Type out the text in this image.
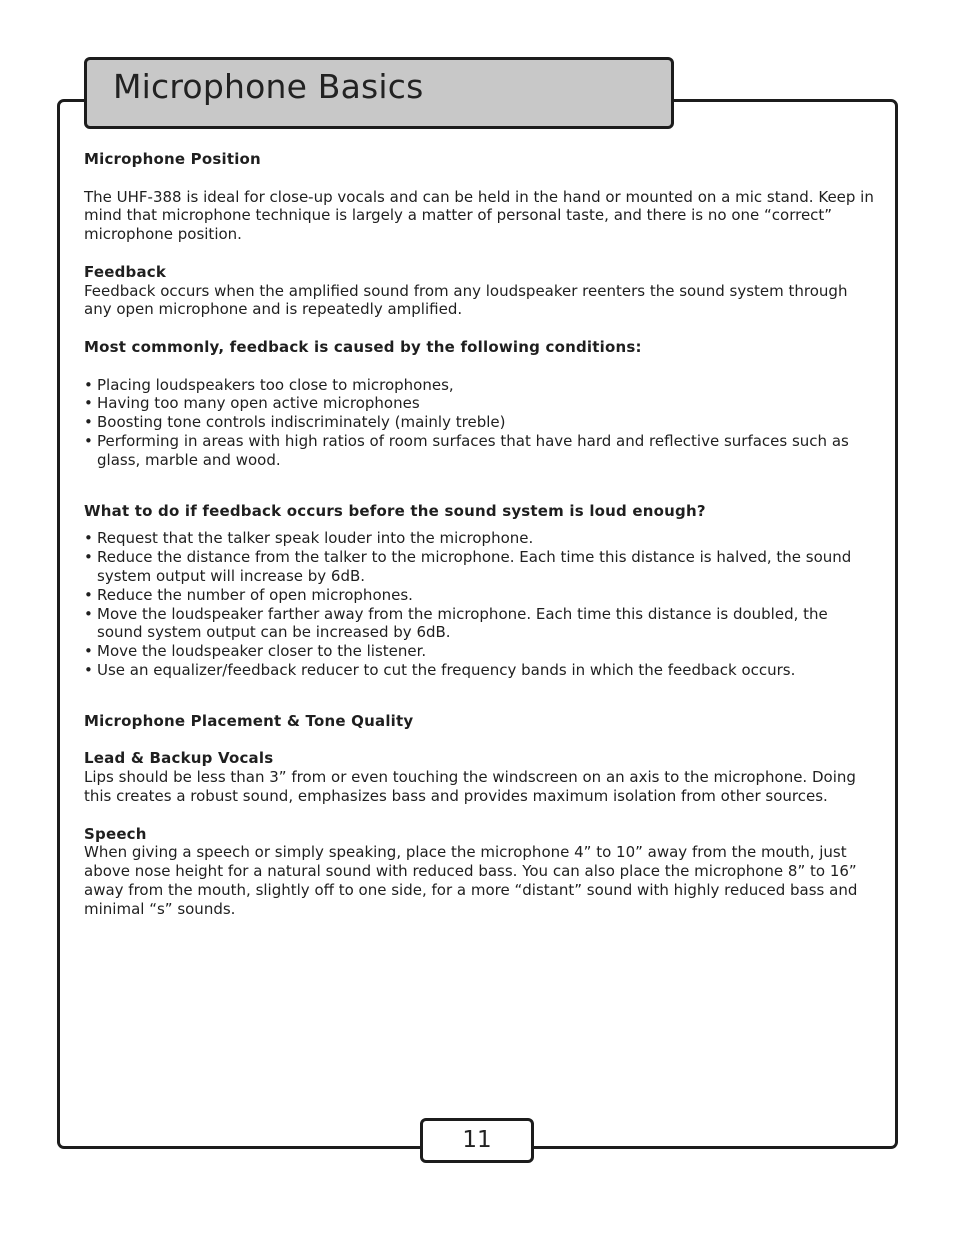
Microphone Basics

Microphone Position

The UHF-388 is ideal for close-up vocals and can be held in the hand or mounted on a mic stand. Keep in mind that microphone technique is largely a matter of personal taste, and there is no one “correct” microphone position.

Feedback

Feedback occurs when the amplified sound from any loudspeaker reenters the sound system through any open microphone and is repeatedly amplified.

Most commonly, feedback is caused by the following conditions:

• Placing loudspeakers too close to microphones,
• Having too many open active microphones
• Boosting tone controls indiscriminately (mainly treble)
• Performing in areas with high ratios of room surfaces that have hard and reflective surfaces such as glass, marble and wood.

What to do if feedback occurs before the sound system is loud enough?

• Request that the talker speak louder into the microphone.
• Reduce the distance from the talker to the microphone. Each time this distance is halved, the sound system output will increase by 6dB.
• Reduce the number of open microphones.
• Move the loudspeaker farther away from the microphone. Each time this distance is doubled, the sound system output can be increased by 6dB.
• Move the loudspeaker closer to the listener.
• Use an equalizer/feedback reducer to cut the frequency bands in which the feedback occurs.

Microphone Placement & Tone Quality

Lead & Backup Vocals

Lips should be less than 3” from or even touching the windscreen on an axis to the microphone. Doing this creates a robust sound, emphasizes bass and provides maximum isolation from other sources.

Speech

When giving a speech or simply speaking, place the microphone 4” to 10” away from the mouth, just above nose height for a natural sound with reduced bass. You can also place the microphone 8” to 16” away from the mouth, slightly off to one side, for a more “distant” sound with highly reduced bass and minimal “s” sounds.

11
